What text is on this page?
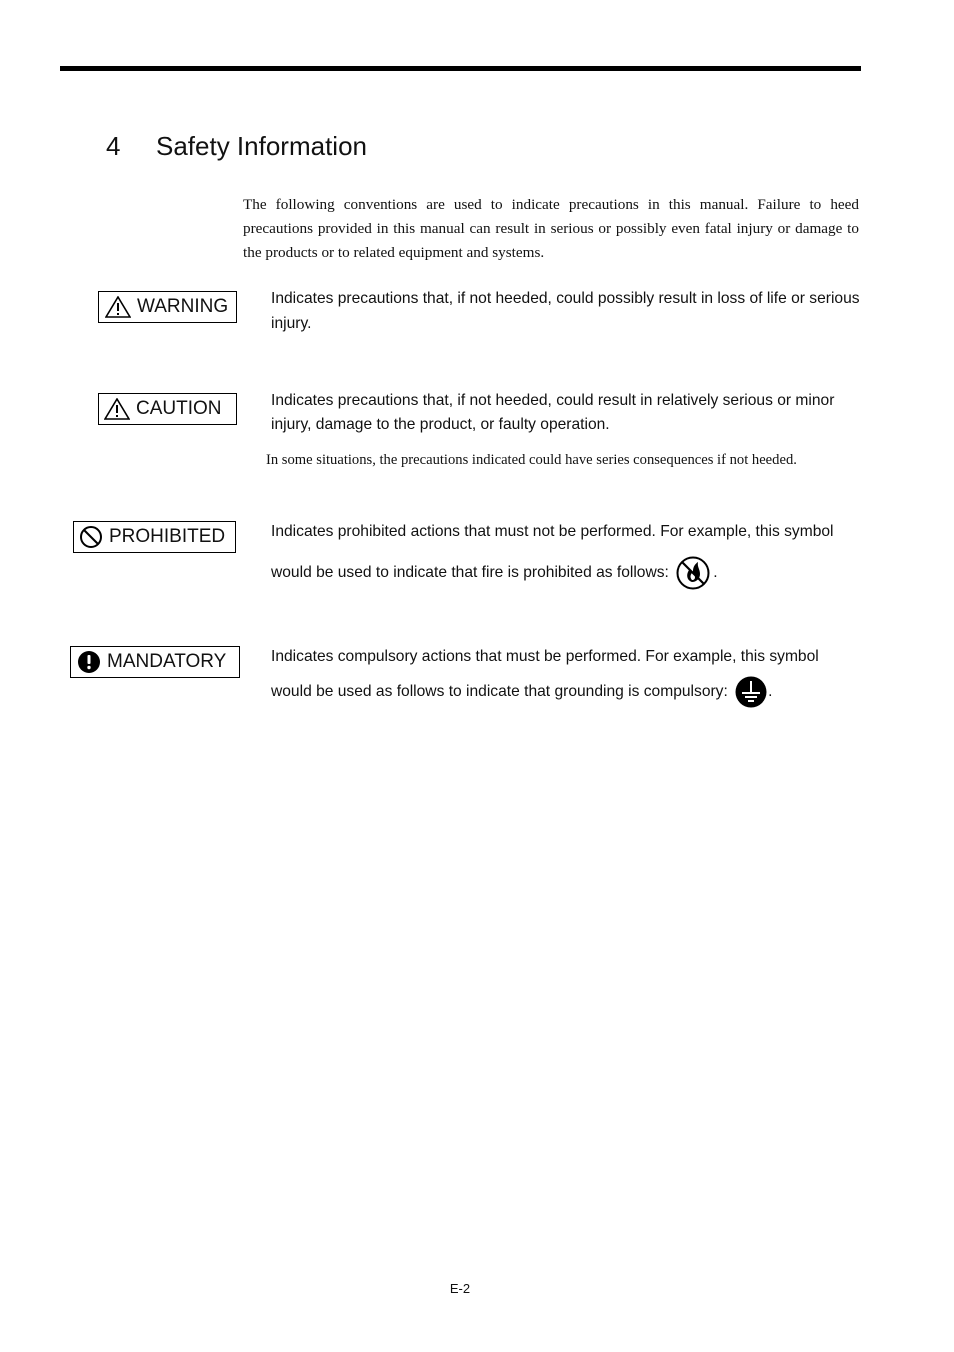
4 Safety Information

The following conventions are used to indicate precautions in this manual. Failure to heed precautions provided in this manual can result in serious or possibly even fatal injury or damage to the products or to related equipment and systems.

WARNING	Indicates precautions that, if not heeded, could possibly result in loss of life or serious injury.

CAUTION	Indicates precautions that, if not heeded, could result in relatively serious or minor injury, damage to the product, or faulty operation.

In some situations, the precautions indicated could have series consequences if not heeded.

PROHIBITED	Indicates prohibited actions that must not be performed. For example, this symbol
would be used to indicate that fire is prohibited as follows:	.
MANDATORY	Indicates compulsory actions that must be performed. For example, this symbol
would be used as follows to indicate that grounding is compulsory:	.
E-2
